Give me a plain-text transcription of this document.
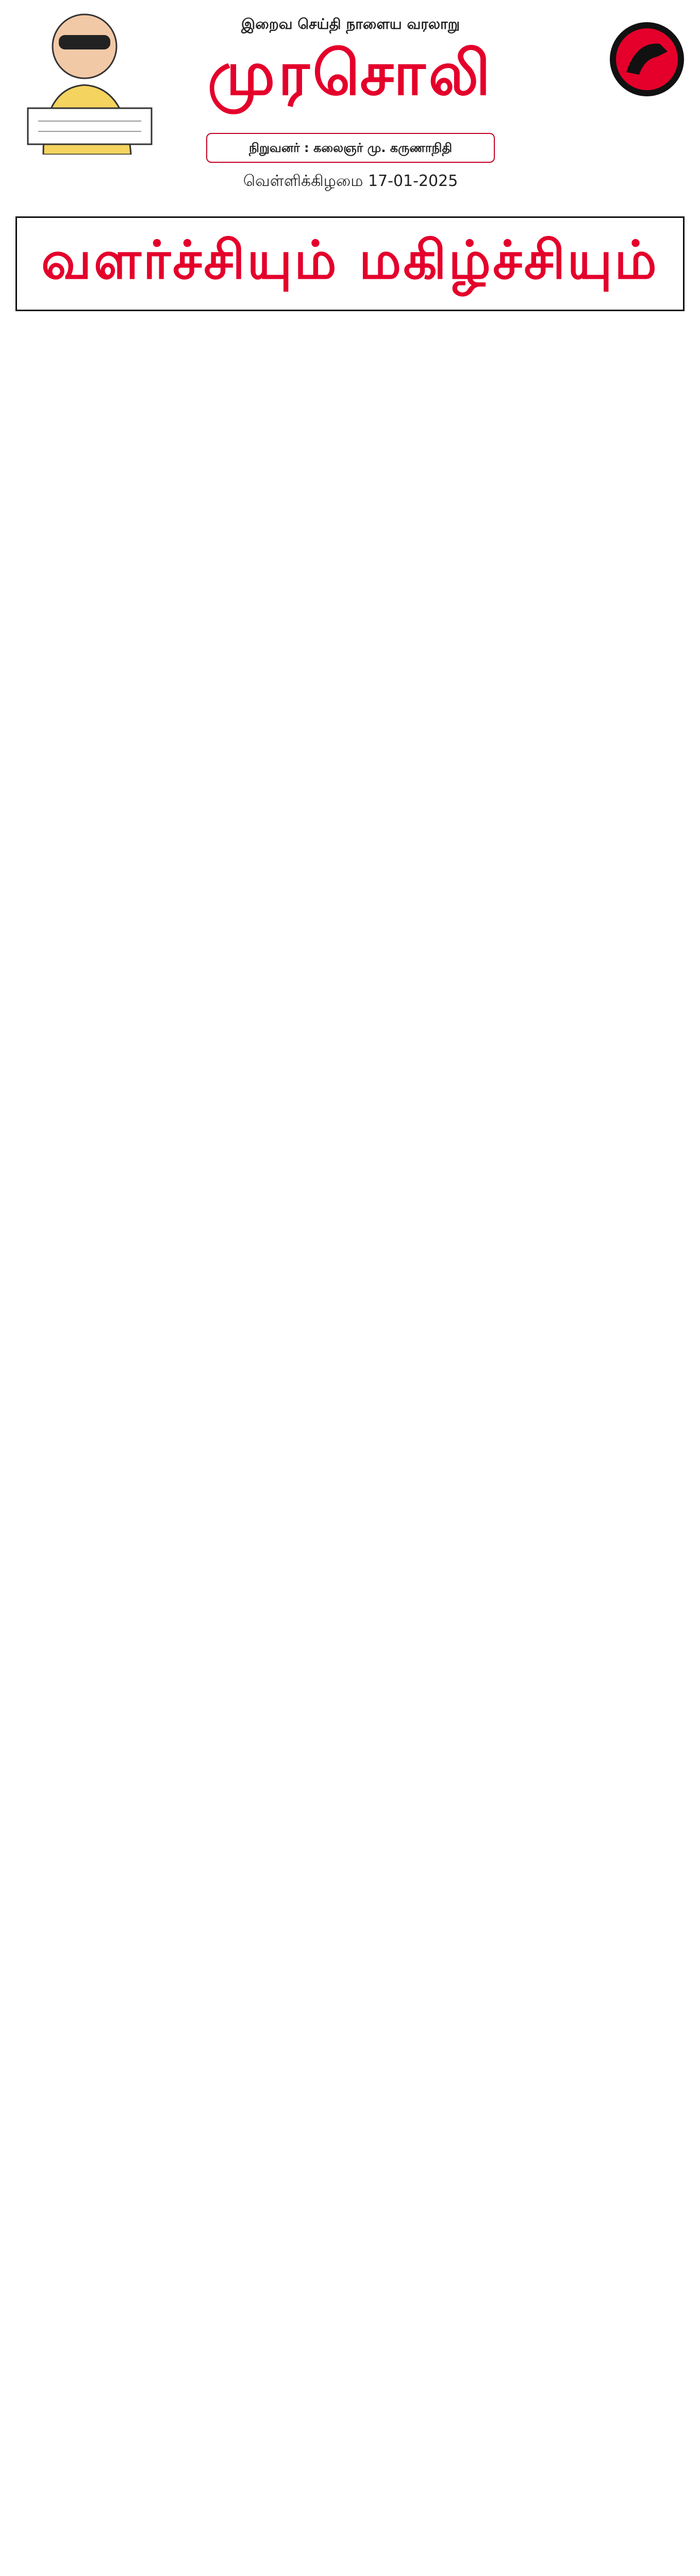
இறைவ செய்தி நாளைய வரலாறு
முரசொலி
நிறுவனர் : கலைஞர் மு. கருணாநிதி
வெள்ளிக்கிழமை 17-01-2025
வளர்ச்சியும் மகிழ்ச்சியும்
